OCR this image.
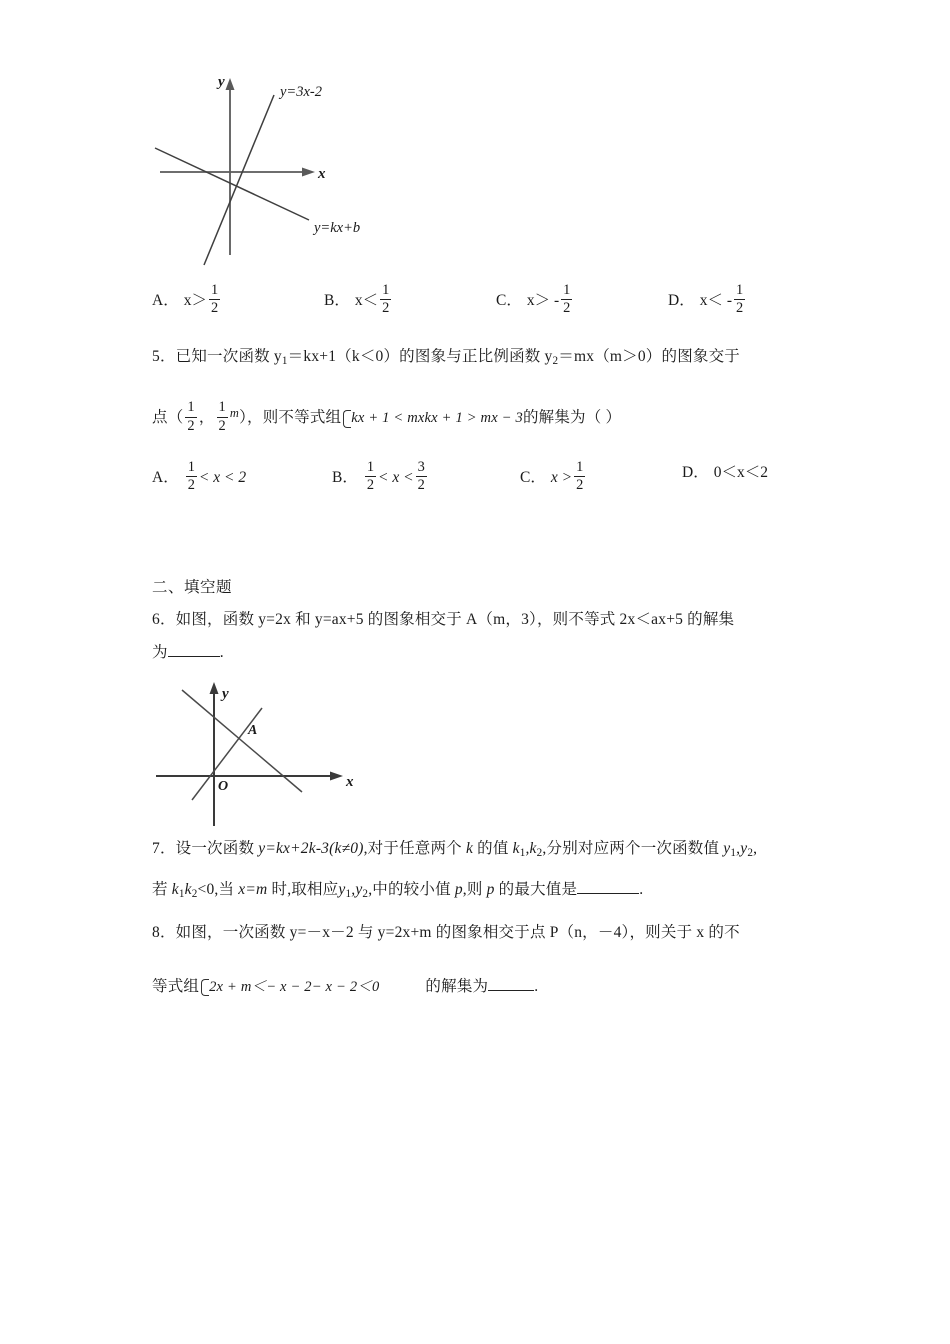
y
x
y=3x-2
y=kx+b
A． $x> \frac{1}{2}$	B． $x< \frac{1}{2}$	C． $x> - \frac{1}{2}$	D． $x< - \frac{1}{2}$
5．已知一次函数 $y_1=kx+1(k<0)$的图象与正比例函数 $y_2=mx(m>0)$的图象交于
点（ $\frac{1}{2}$ ， $\frac{1}{2} ^m$），则不等式组 kx + 1 < mxkx + 1 > mx − 3的解集为（ ）
A． $\frac{1}{2} < x < 2$	B． $\frac{1}{2} < x < \frac{3}{2}$	C． $x > \frac{1}{2}$	D． 0＜x＜2
二、填空题
6．如图，函数 y=2x 和 y=ax+5 的图象相交于 A（m，3），则不等式 2x＜ax+5 的解集
为	.
y
x
O
A
7．设一次函数 y=kx+2k-3(k≠0),对于任意两个 k 的值 $k_1,k_2$,分别对应两个一次函数值 $y_1,y_2$,
若 $k_1k_2<0$,当 x=m 时,取相应$y_1,y_2$,中的较小值 p,则 p 的最大值是	.
8．如图，一次函数 y=－x－2 与 y=2x+m 的图象相交于点 P（n，－4），则关于 x 的不
等式组 2x + m＜− x − 2− x − 2＜0	的解集为	.
